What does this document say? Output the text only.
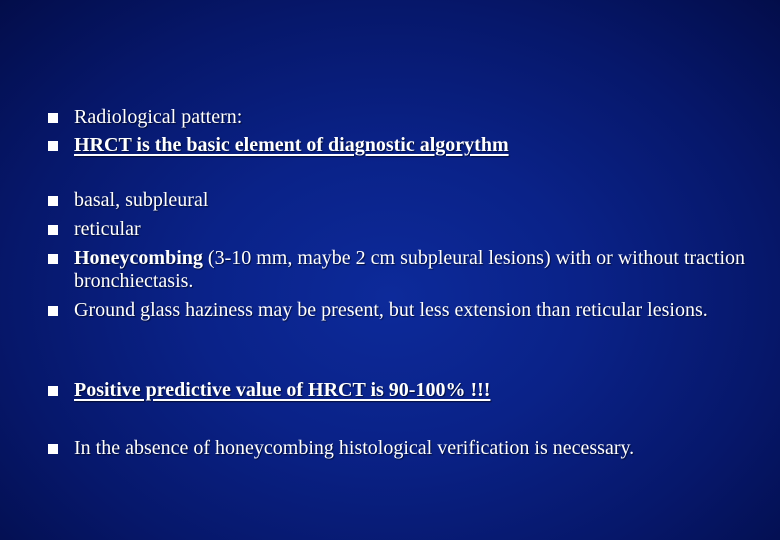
Radiological pattern:
HRCT is the basic element of diagnostic algorythm
basal, subpleural
reticular
Honeycombing (3-10 mm, maybe 2 cm subpleural lesions) with or without traction bronchiectasis.
Ground glass haziness may be present, but less extension than reticular lesions.
Positive predictive value of HRCT is 90-100% !!!
In the absence of honeycombing histological verification is necessary.
